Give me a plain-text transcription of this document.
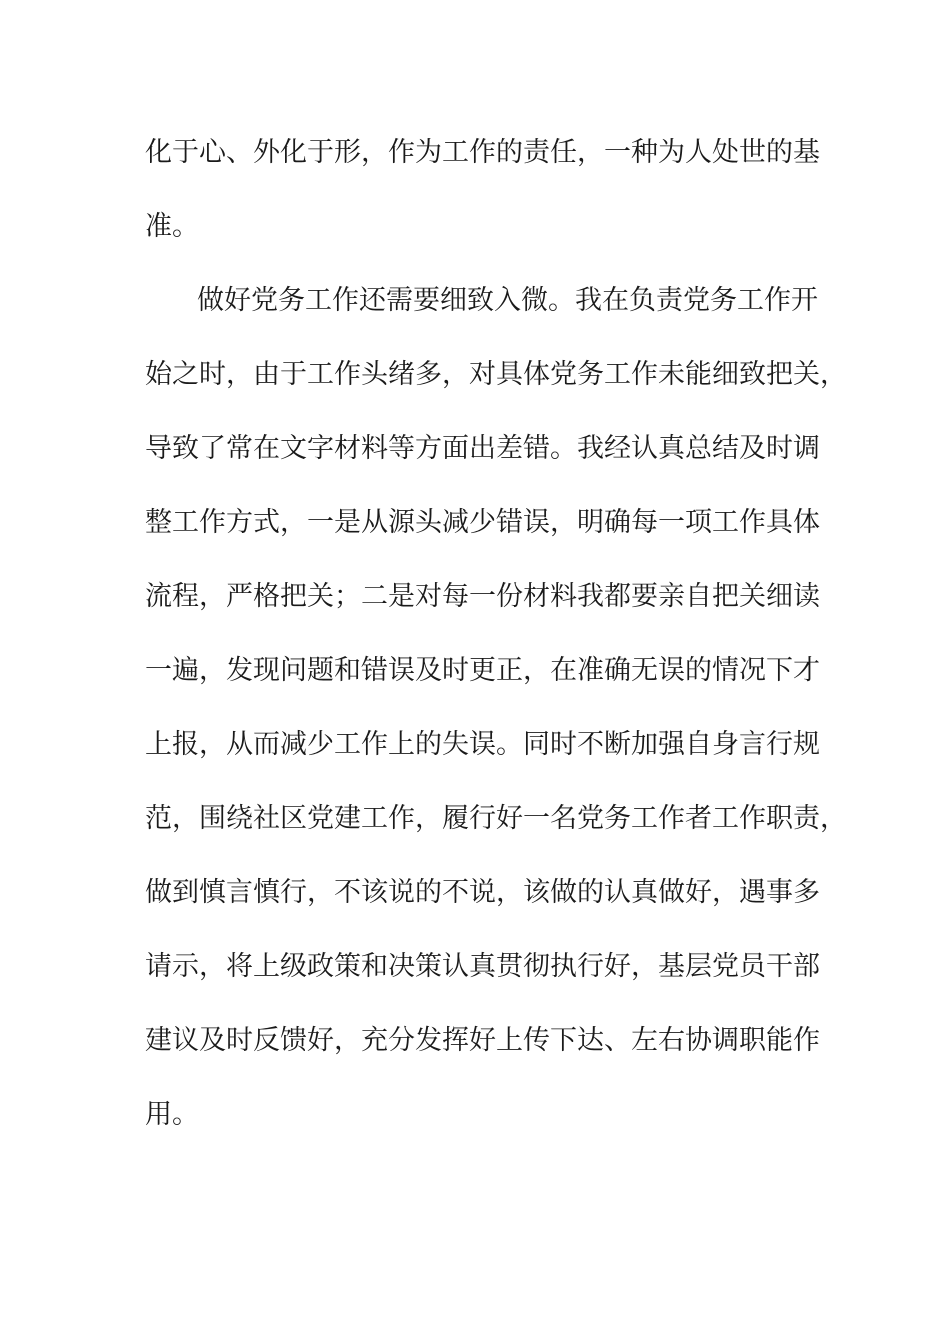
化于心、外化于形，作为工作的责任，一种为人处世的基
准。
做好党务工作还需要细致入微。我在负责党务工作开
始之时，由于工作头绪多，对具体党务工作未能细致把关，
导致了常在文字材料等方面出差错。我经认真总结及时调
整工作方式，一是从源头减少错误，明确每一项工作具体
流程，严格把关；二是对每一份材料我都要亲自把关细读
一遍，发现问题和错误及时更正，在准确无误的情况下才
上报，从而减少工作上的失误。同时不断加强自身言行规
范，围绕社区党建工作，履行好一名党务工作者工作职责，
做到慎言慎行，不该说的不说，该做的认真做好，遇事多
请示，将上级政策和决策认真贯彻执行好，基层党员干部
建议及时反馈好，充分发挥好上传下达、左右协调职能作
用。
